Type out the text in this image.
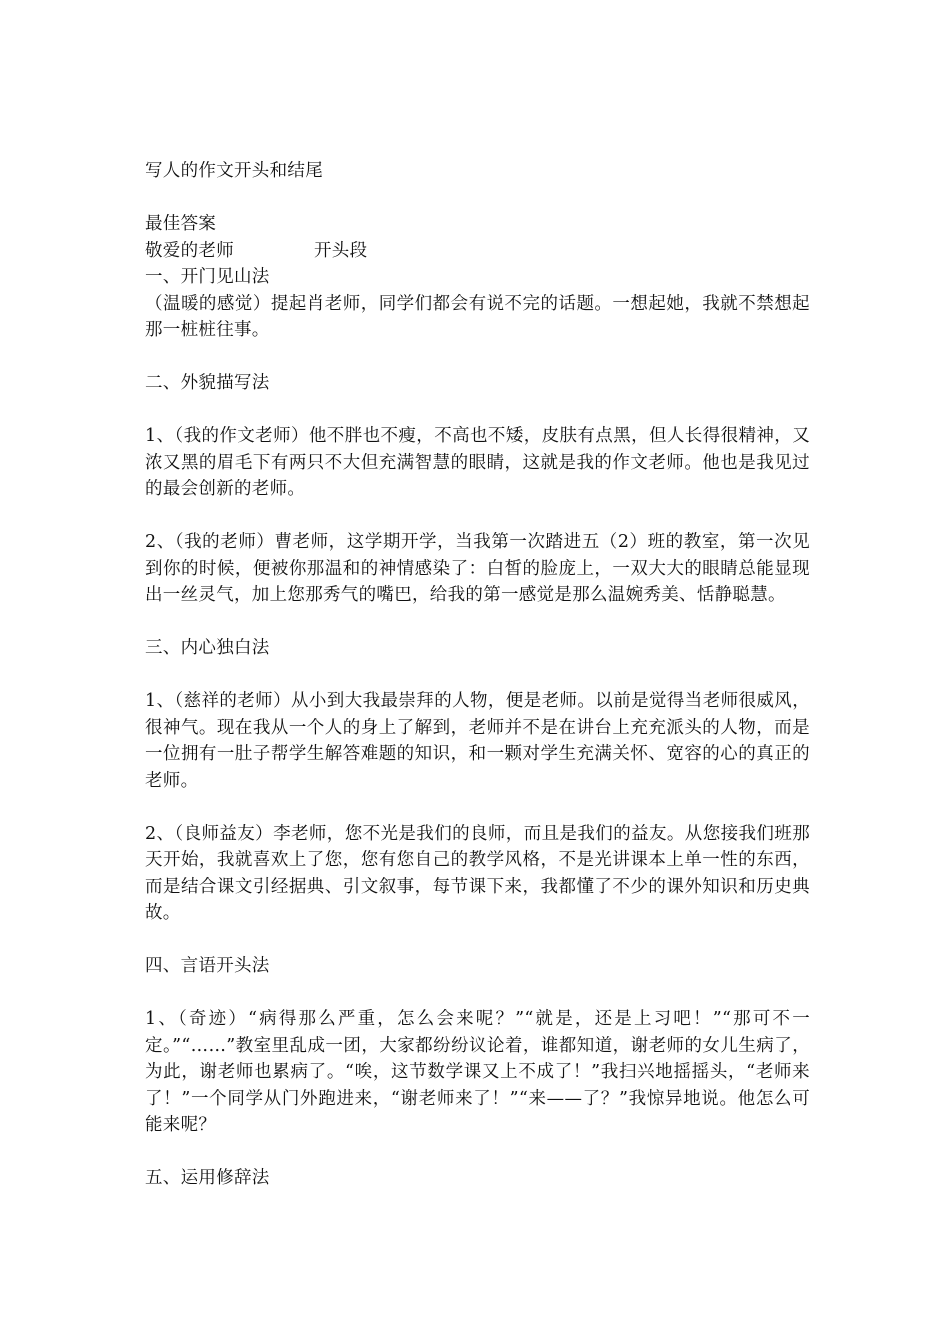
写人的作文开头和结尾
最佳答案
敬爱的老师	开头段
一、开门见山法
（温暖的感觉）提起肖老师，同学们都会有说不完的话题。一想起她，我就不禁想起那一桩桩往事。
二、外貌描写法
1、（我的作文老师）他不胖也不瘦，不高也不矮，皮肤有点黑，但人长得很精神，又浓又黑的眉毛下有两只不大但充满智慧的眼睛，这就是我的作文老师。他也是我见过的最会创新的老师。
2、（我的老师）曹老师，这学期开学，当我第一次踏进五（2）班的教室，第一次见到你的时候，便被你那温和的神情感染了：白皙的脸庞上，一双大大的眼睛总能显现出一丝灵气，加上您那秀气的嘴巴，给我的第一感觉是那么温婉秀美、恬静聪慧。
三、内心独白法
1、（慈祥的老师）从小到大我最崇拜的人物，便是老师。以前是觉得当老师很威风，很神气。现在我从一个人的身上了解到，老师并不是在讲台上充充派头的人物，而是一位拥有一肚子帮学生解答难题的知识，和一颗对学生充满关怀、宽容的心的真正的老师。
2、（良师益友）李老师，您不光是我们的良师，而且是我们的益友。从您接我们班那天开始，我就喜欢上了您，您有您自己的教学风格，不是光讲课本上单一性的东西，而是结合课文引经据典、引文叙事，每节课下来，我都懂了不少的课外知识和历史典故。
四、言语开头法
1、（奇迹）“病得那么严重，怎么会来呢？”“就是，还是上习吧！”“那可不一定。”“……”教室里乱成一团，大家都纷纷议论着，谁都知道，谢老师的女儿生病了，为此，谢老师也累病了。“唉，这节数学课又上不成了！”我扫兴地摇摇头，“老师来了！”一个同学从门外跑进来，“谢老师来了！”“来——了？”我惊异地说。他怎么可能来呢？
五、运用修辞法
